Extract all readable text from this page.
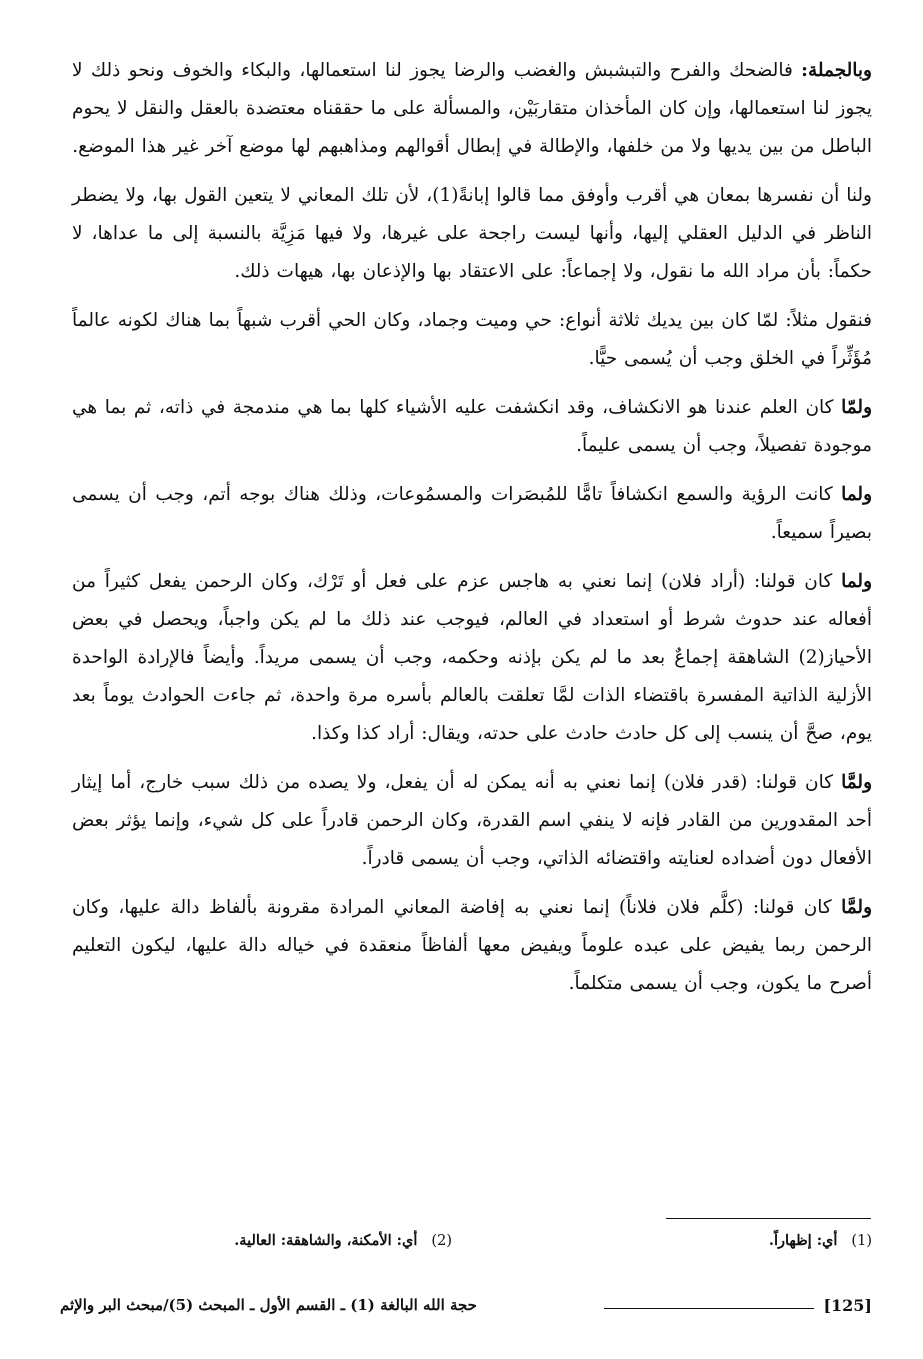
وبالجملة: فالضحك والفرح والتبشبش والغضب والرضا يجوز لنا استعمالها، والبكاء والخوف ونحو ذلك لا يجوز لنا استعمالها، وإن كان المأخذان متقاربَيْن، والمسألة على ما حققناه معتضدة بالعقل والنقل لا يحوم الباطل من بين يديها ولا من خلفها، والإطالة في إبطال أقوالهم ومذاهبهم لها موضع آخر غير هذا الموضع.

ولنا أن نفسرها بمعان هي أقرب وأوفق مما قالوا إبانةً(1)، لأن تلك المعاني لا يتعين القول بها، ولا يضطر الناظر في الدليل العقلي إليها، وأنها ليست راجحة على غيرها، ولا فيها مَزِيَّة بالنسبة إلى ما عداها، لا حكماً: بأن مراد الله ما نقول، ولا إجماعاً: على الاعتقاد بها والإذعان بها، هيهات ذلك.

فنقول مثلاً: لمّا كان بين يديك ثلاثة أنواع: حي وميت وجماد، وكان الحي أقرب شبهاً بما هناك لكونه عالماً مُؤَثِّراً في الخلق وجب أن يُسمى حيًّا.

ولمّا كان العلم عندنا هو الانكشاف، وقد انكشفت عليه الأشياء كلها بما هي مندمجة في ذاته، ثم بما هي موجودة تفصيلاً، وجب أن يسمى عليماً.

ولما كانت الرؤية والسمع انكشافاً تامًّا للمُبصَرات والمسمُوعات، وذلك هناك بوجه أتم، وجب أن يسمى بصيراً سميعاً.

ولما كان قولنا: (أراد فلان) إنما نعني به هاجس عزم على فعل أو تَرْك، وكان الرحمن يفعل كثيراً من أفعاله عند حدوث شرط أو استعداد في العالم، فيوجب عند ذلك ما لم يكن واجباً، ويحصل في بعض الأحياز(2) الشاهقة إجماعٌ بعد ما لم يكن بإذنه وحكمه، وجب أن يسمى مريداً. وأيضاً فالإرادة الواحدة الأزلية الذاتية المفسرة باقتضاء الذات لمَّا تعلقت بالعالم بأسره مرة واحدة، ثم جاءت الحوادث يوماً بعد يوم، صحَّ أن ينسب إلى كل حادث حادث على حدته، ويقال: أراد كذا وكذا.

ولمَّا كان قولنا: (قدر فلان) إنما نعني به أنه يمكن له أن يفعل، ولا يصده من ذلك سبب خارج، أما إيثار أحد المقدورين من القادر فإنه لا ينفي اسم القدرة، وكان الرحمن قادراً على كل شيء، وإنما يؤثر بعض الأفعال دون أضداده لعنايته واقتضائه الذاتي، وجب أن يسمى قادراً.

ولمَّا كان قولنا: (كلَّم فلان فلاناً) إنما نعني به إفاضة المعاني المرادة مقرونة بألفاظ دالة عليها، وكان الرحمن ربما يفيض على عبده علوماً ويفيض معها ألفاظاً منعقدة في خياله دالة عليها، ليكون التعليم أصرح ما يكون، وجب أن يسمى متكلماً.

(1)أي: إظهاراً.
(2)أي: الأمكنة، والشاهقة: العالية.
[125]
حجة الله البالغة (1) ـ القسم الأول ـ المبحث (5)/مبحث البر والإثم
